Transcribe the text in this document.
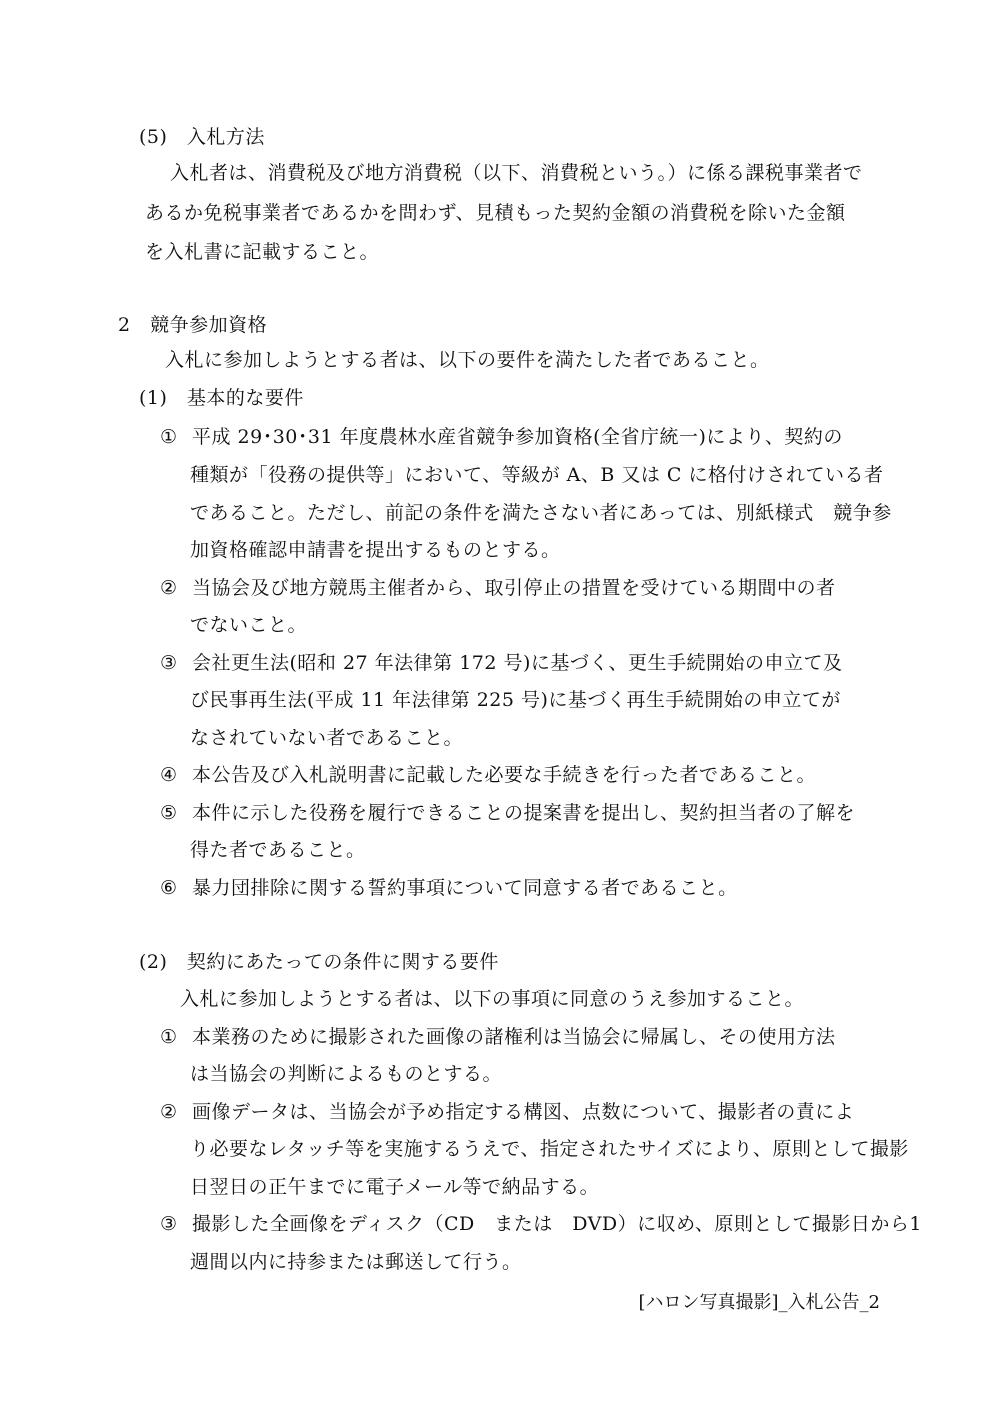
(5)　入札方法
入札者は、消費税及び地方消費税（以下、消費税という。）に係る課税事業者で
あるか免税事業者であるかを問わず、見積もった契約金額の消費税を除いた金額
を入札書に記載すること。
2　競争参加資格
入札に参加しようとする者は、以下の要件を満たした者であること。
(1)　基本的な要件
① 平成 29･30･31 年度農林水産省競争参加資格(全省庁統一)により、契約の
種類が「役務の提供等」において、等級が A、B 又は C に格付けされている者
であること。ただし、前記の条件を満たさない者にあっては、別紙様式　競争参
加資格確認申請書を提出するものとする。
② 当協会及び地方競馬主催者から、取引停止の措置を受けている期間中の者
でないこと。
③ 会社更生法(昭和 27 年法律第 172 号)に基づく、更生手続開始の申立て及
び民事再生法(平成 11 年法律第 225 号)に基づく再生手続開始の申立てが
なされていない者であること。
④ 本公告及び入札説明書に記載した必要な手続きを行った者であること。
⑤ 本件に示した役務を履行できることの提案書を提出し、契約担当者の了解を
得た者であること。
⑥ 暴力団排除に関する誓約事項について同意する者であること。
(2)　契約にあたっての条件に関する要件
入札に参加しようとする者は、以下の事項に同意のうえ参加すること。
① 本業務のために撮影された画像の諸権利は当協会に帰属し、その使用方法
は当協会の判断によるものとする。
② 画像データは、当協会が予め指定する構図、点数について、撮影者の責によ
り必要なレタッチ等を実施するうえで、指定されたサイズにより、原則として撮影
日翌日の正午までに電子メール等で納品する。
③ 撮影した全画像をディスク（CD　または　DVD）に収め、原則として撮影日から1
週間以内に持参または郵送して行う。
[ハロン写真撮影]_入札公告_2
